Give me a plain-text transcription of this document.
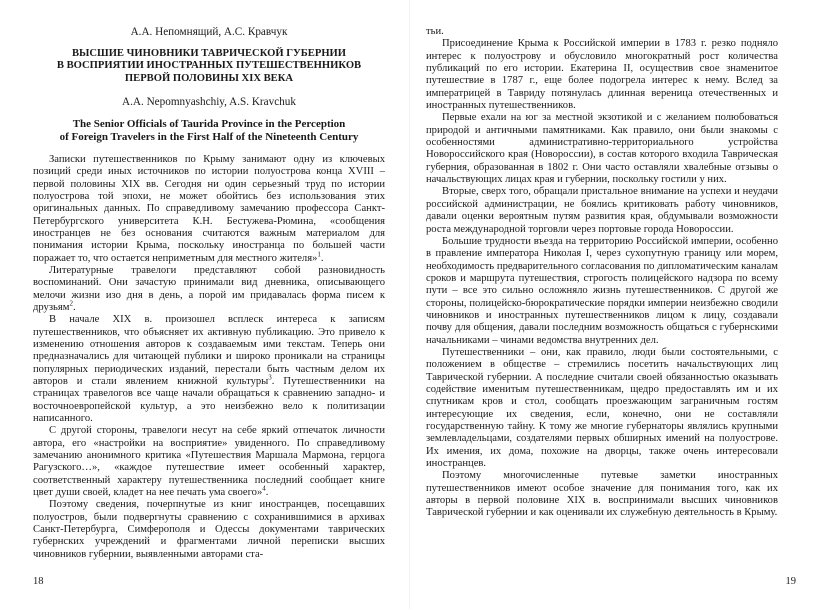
А.А. Непомнящий, А.С. Кравчук
ВЫСШИЕ ЧИНОВНИКИ ТАВРИЧЕСКОЙ ГУБЕРНИИ
В ВОСПРИЯТИИ ИНОСТРАННЫХ ПУТЕШЕСТВЕННИКОВ
ПЕРВОЙ ПОЛОВИНЫ XIX ВЕКА
A.A. Nepomnyashchiy, A.S. Kravchuk
The Senior Officials of Taurida Province in the Perception
of Foreign Travelers in the First Half of the Nineteenth Century

Записки путешественников по Крыму занимают одну из ключевых позиций среди иных источников по истории полуострова конца XVIII – первой половины XIX вв. Сегодня ни один серьезный труд по истории полуострова той эпохи, не может обойтись без использования этих оригинальных данных. По справедливому замечанию профессора Санкт-Петербургского университета К.Н. Бестужева-Рюмина, «сообщения иностранцев не без основания считаются важным материалом для понимания истории Крыма, поскольку иностранца по большей части поражает то, что остается неприметным для местного жителя»$^1$.

Литературные травелоги представляют собой разновидность воспоминаний. Они зачастую принимали вид дневника, описывающего мелочи жизни изо дня в день, а порой им придавалась форма писем к друзьям$^2$.

В начале XIX в. произошел всплеск интереса к записям путешественников, что объясняет их активную публикацию. Это привело к изменению отношения авторов к создаваемым ими текстам. Теперь они предназначались для читающей публики и широко проникали на страницы популярных периодических изданий, перестали быть частным делом их авторов и стали явлением книжной культуры$^3$. Путешественники на страницах травелогов все чаще начали обращаться к сравнению западно- и восточноевропейской культур, а это неизбежно вело к политизации написанного.

С другой стороны, травелоги несут на себе яркий отпечаток личности автора, его «настройки на восприятие» увиденного. По справедливому замечанию анонимного критика «Путешествия Маршала Мармона, герцога Рагузского…», «каждое путешествие имеет особенный характер, соответственный характеру путешественника последний сообщает книге цвет души своей, кладет на нее печать ума своего»$^4$.

Поэтому сведения, почерпнутые из книг иностранцев, посещавших полуостров, были подвергнуты сравнению с сохранившимися в архивах Санкт-Петербурга, Симферополя и Одессы документами таврических губернских учреждений и фрагментами личной переписки высших чиновников губернии, выявленными авторами ста-

18

тьи.

Присоединение Крыма к Российской империи в 1783 г. резко подняло интерес к полуострову и обусловило многократный рост количества публикаций по его истории. Екатерина II, осуществив свое знаменитое путешествие в 1787 г., еще более подогрела интерес к нему. Вслед за императрицей в Тавриду потянулась длинная вереница отечественных и иностранных путешественников.

Первые ехали на юг за местной экзотикой и с желанием полюбоваться природой и античными памятниками. Как правило, они были знакомы с особенностями административно-территориального устройства Новороссийского края (Новороссии), в состав которого входила Таврическая губерния, образованная в 1802 г. Они часто оставляли хвалебные отзывы о начальствующих лицах края и губернии, поскольку гостили у них.

Вторые, сверх того, обращали пристальное внимание на успехи и неудачи российской администрации, не боялись критиковать работу чиновников, давали оценки вероятным путям развития края, обдумывали возможности роста международной торговли через портовые города Новороссии.

Большие трудности въезда на территорию Российской империи, особенно в правление императора Николая I, через сухопутную границу или морем, необходимость предварительного согласования по дипломатическим каналам сроков и маршрута путешествия, строгость полицейского надзора по всему пути – все это сильно осложняло жизнь путешественников. С другой же стороны, полицейско-бюрократические порядки империи неизбежно сводили чиновников и иностранных путешественников лицом к лицу, создавали почву для общения, давали последним возможность общаться с губернскими начальниками – чинами ведомства внутренних дел.

Путешественники – они, как правило, люди были состоятельными, с положением в обществе – стремились посетить начальствующих лиц Таврической губернии. А последние считали своей обязанностью оказывать содействие именитым путешественникам, щедро предоставлять им и их спутникам кров и стол, сообщать проезжающим заграничным гостям интересующие их сведения, если, конечно, они не составляли государственную тайну. К тому же многие губернаторы являлись крупными землевладельцами, создателями первых обширных имений на полуострове. Их имения, их дома, похожие на дворцы, также очень интересовали иностранцев.

Поэтому многочисленные путевые заметки иностранных путешественников имеют особое значение для понимания того, как их авторы в первой половине XIX в. воспринимали высших чиновников Таврической губернии и как оценивали их служебную деятельность в Крыму.

19
